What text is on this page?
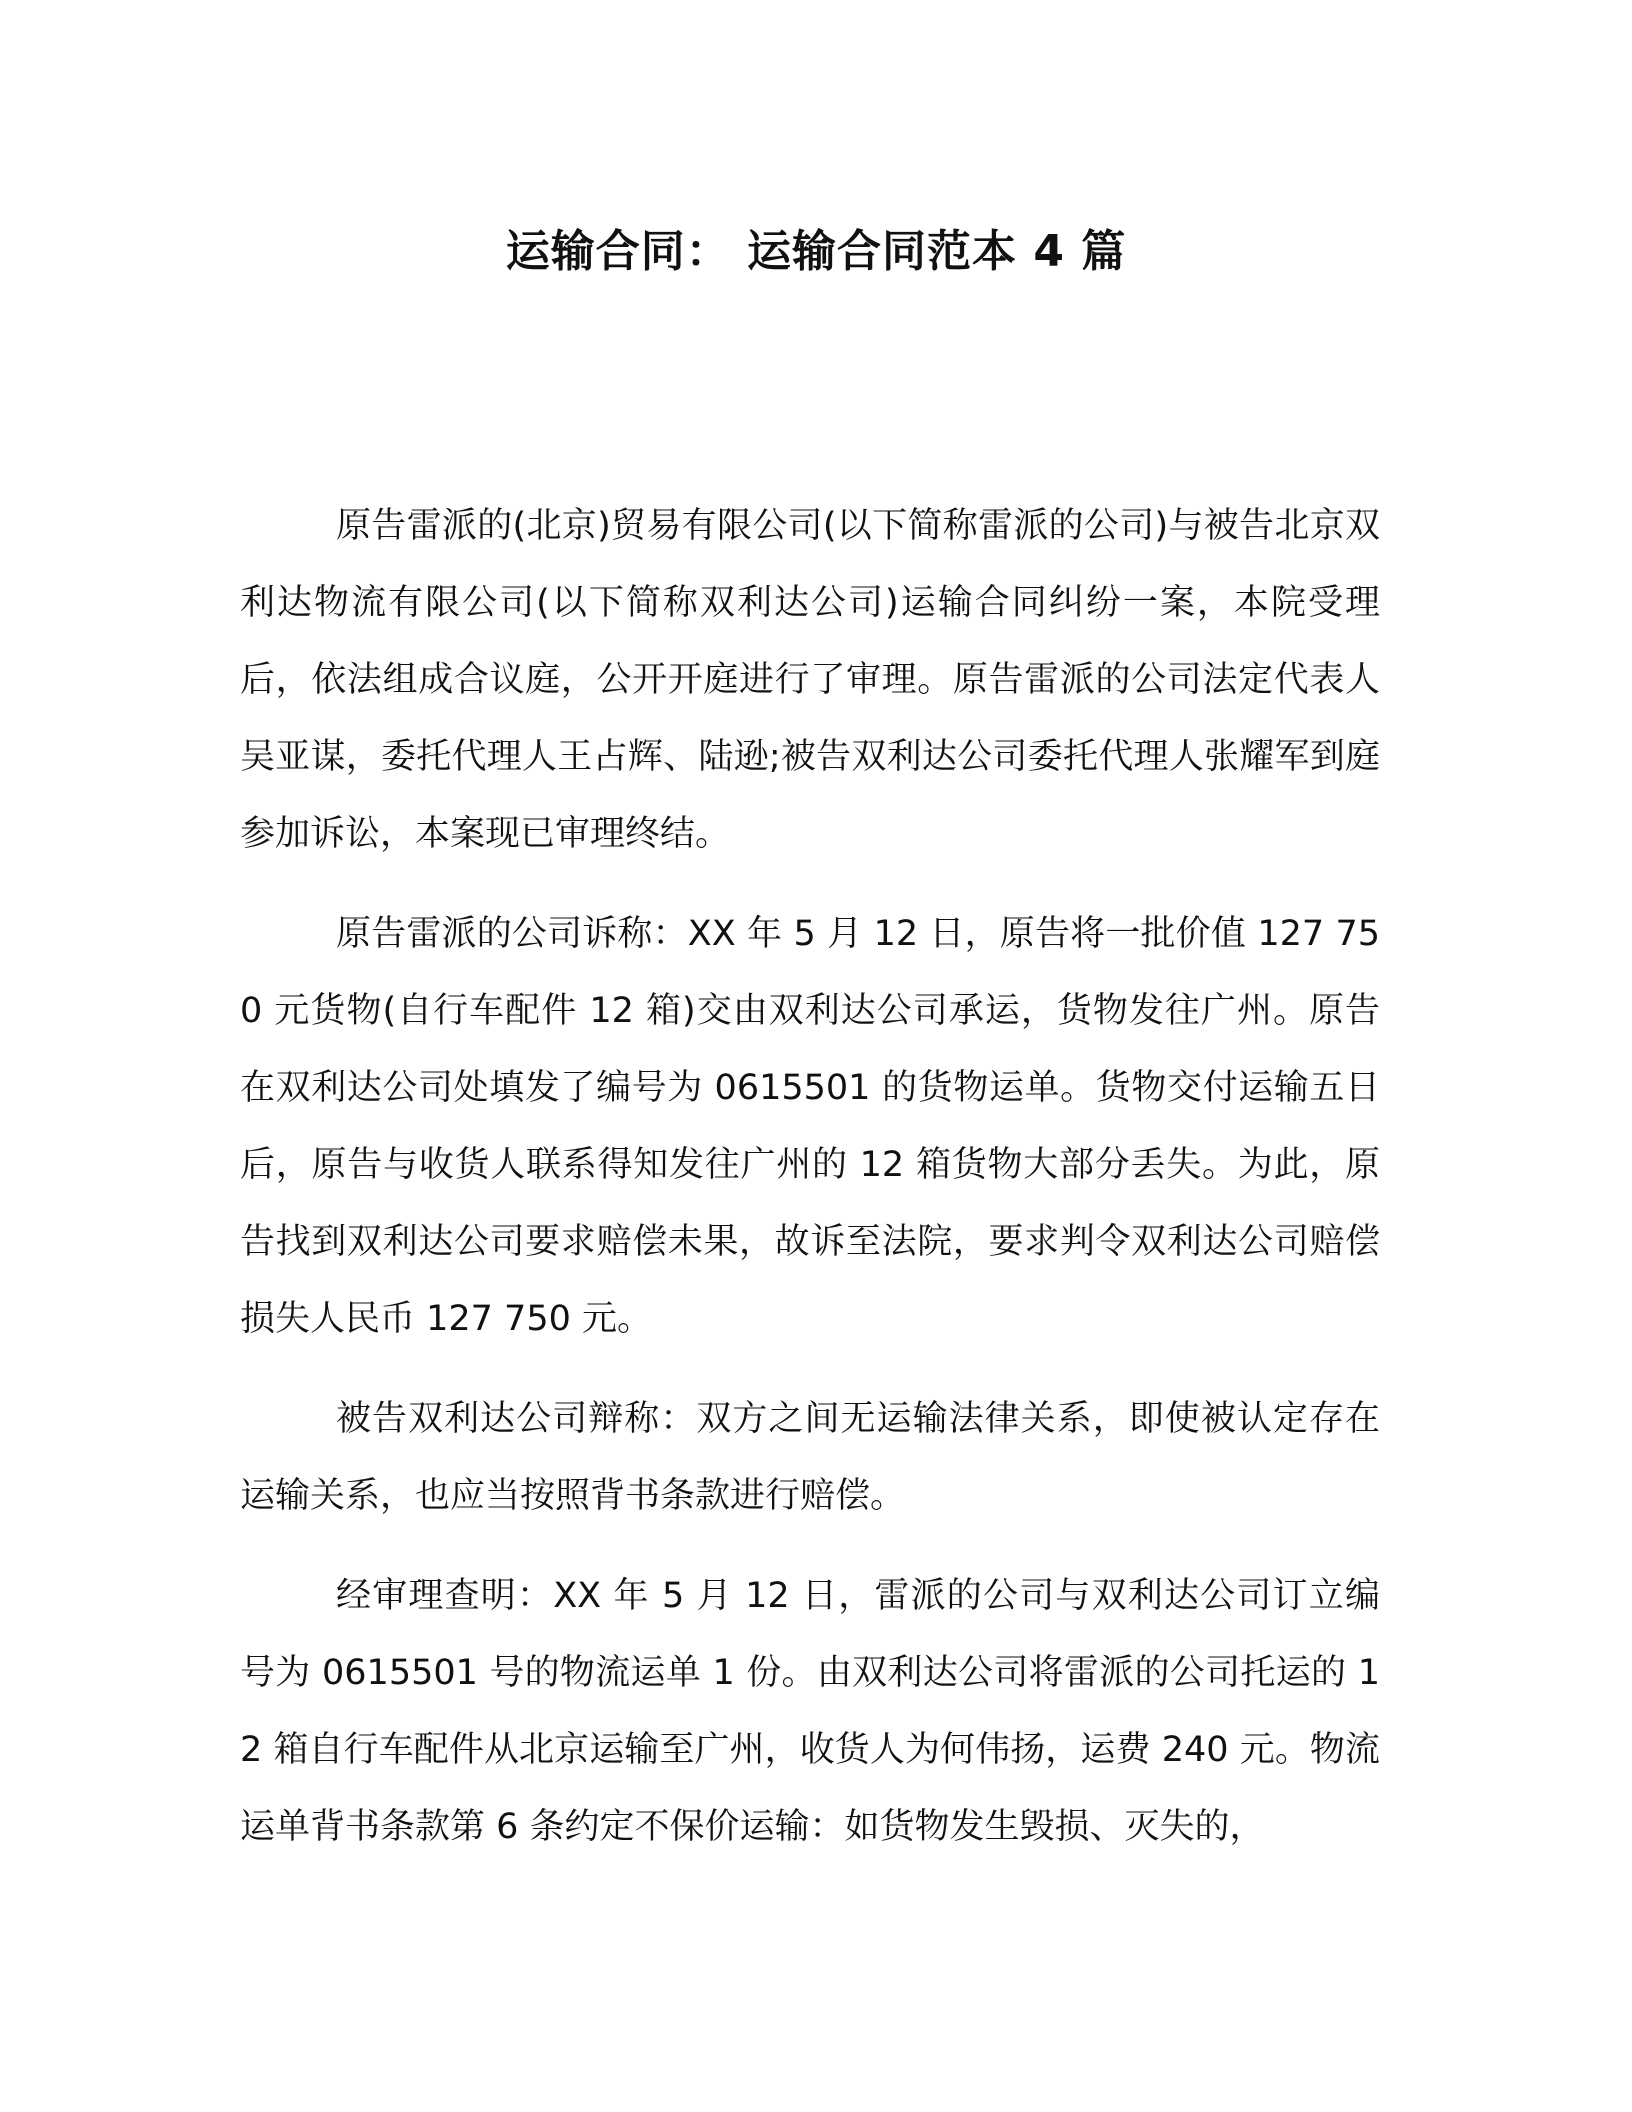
运输合同： 运输合同范本 4 篇

原告雷派的(北京)贸易有限公司(以下简称雷派的公司)与被告北京双利达物流有限公司(以下简称双利达公司)运输合同纠纷一案，本院受理后，依法组成合议庭，公开开庭进行了审理。原告雷派的公司法定代表人吴亚谋，委托代理人王占辉、陆逊;被告双利达公司委托代理人张耀军到庭参加诉讼，本案现已审理终结。

原告雷派的公司诉称：XX 年 5 月 12 日，原告将一批价值 127 750 元货物(自行车配件 12 箱)交由双利达公司承运，货物发往广州。原告在双利达公司处填发了编号为 0615501 的货物运单。货物交付运输五日后，原告与收货人联系得知发往广州的 12 箱货物大部分丢失。为此，原告找到双利达公司要求赔偿未果，故诉至法院，要求判令双利达公司赔偿损失人民币 127 750 元。

被告双利达公司辩称：双方之间无运输法律关系，即使被认定存在运输关系，也应当按照背书条款进行赔偿。

经审理查明：XX 年 5 月 12 日，雷派的公司与双利达公司订立编号为 0615501 号的物流运单 1 份。由双利达公司将雷派的公司托运的 12 箱自行车配件从北京运输至广州，收货人为何伟扬，运费 240 元。物流运单背书条款第 6 条约定不保价运输：如货物发生毁损、灭失的，
